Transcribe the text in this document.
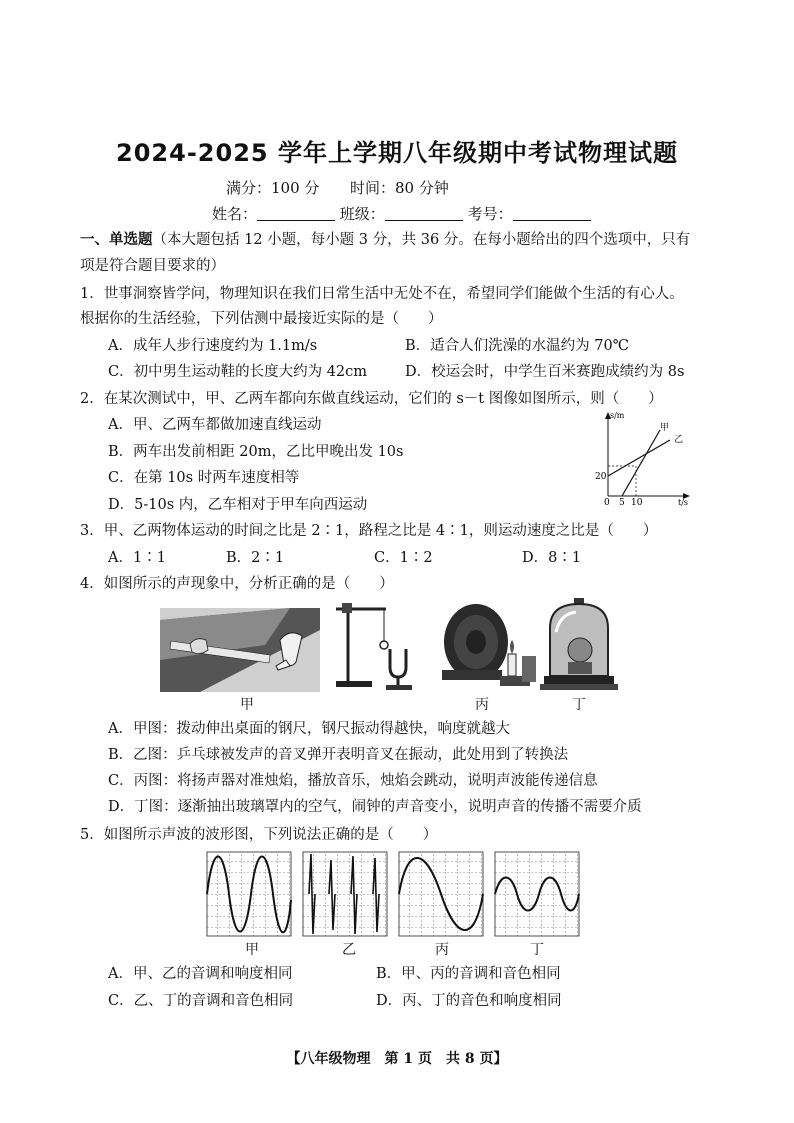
2024-2025 学年上学期八年级期中考试物理试题
满分：100 分 时间：80 分钟
姓名：	班级：	考号：
一、单选题（本大题包括 12 小题，每小题 3 分，共 36 分。在每小题给出的四个选项中，只有
项是符合题目要求的）
1．世事洞察皆学问，物理知识在我们日常生活中无处不在，希望同学们能做个生活的有心人。
根据你的生活经验，下列估测中最接近实际的是（　　）
A．成年人步行速度约为 1.1m/s	B．适合人们洗澡的水温约为 70℃
C．初中男生运动鞋的长度大约为 42cm	D．校运会时，中学生百米赛跑成绩约为 8s
2．在某次测试中，甲、乙两车都向东做直线运动，它们的 s－t 图像如图所示，则（　　）
A．甲、乙两车都做加速直线运动
B．两车出发前相距 20m，乙比甲晚出发 10s
C．在第 10s 时两车速度相等
D．5-10s 内，乙车相对于甲车向西运动
s/m
t/s
甲
乙
20
0 5 10
3．甲、乙两物体运动的时间之比是 2∶1，路程之比是 4∶1，则运动速度之比是（　　）
A．1∶1	B．2∶1	C．1∶2	D．8∶1
4．如图所示的声现象中，分析正确的是（　　）
甲	丙	丁
A．甲图：拨动伸出桌面的钢尺，钢尺振动得越快，响度就越大
B．乙图：乒乓球被发声的音叉弹开表明音叉在振动，此处用到了转换法
C．丙图：将扬声器对准烛焰，播放音乐，烛焰会跳动，说明声波能传递信息
D．丁图：逐渐抽出玻璃罩内的空气，闹钟的声音变小，说明声音的传播不需要介质
5．如图所示声波的波形图，下列说法正确的是（　　）
甲	乙	丙	丁
A．甲、乙的音调和响度相同	B．甲、丙的音调和音色相同
C．乙、丁的音调和音色相同	D．丙、丁的音色和响度相同
【八年级物理　第 1 页　共 8 页】
